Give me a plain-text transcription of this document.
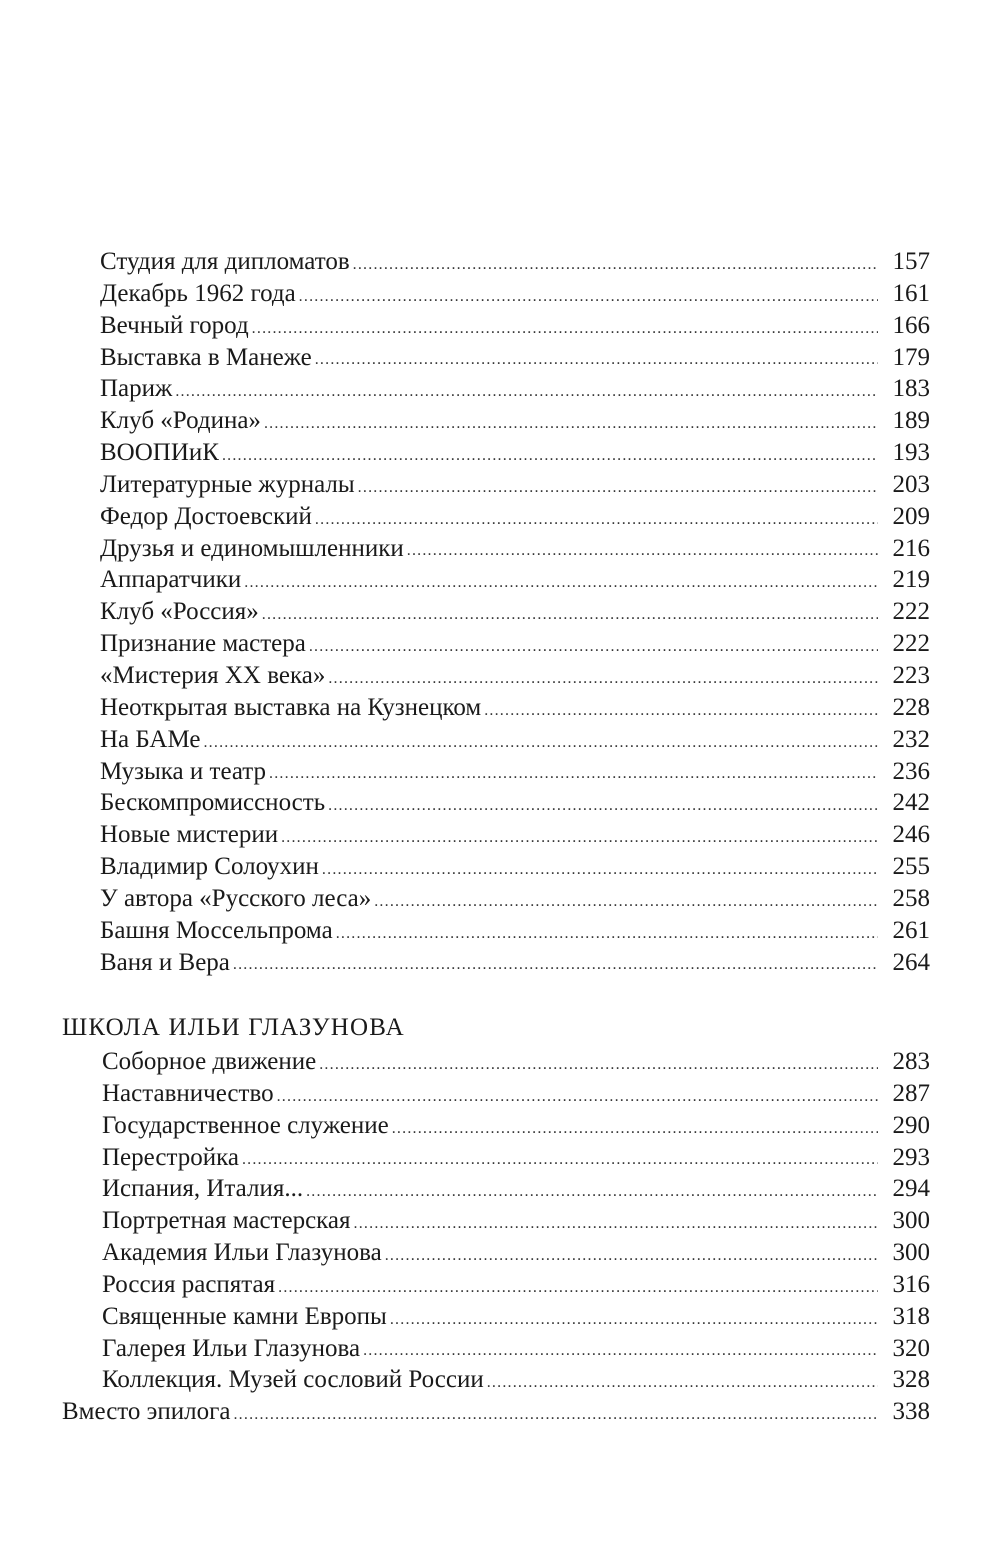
Студия для дипломатов . . .	157
Декабрь 1962 года . . .	161
Вечный город . . .	166
Выставка в Манеже . . .	179
Париж . . .	183
Клуб «Родина» . . .	189
ВООПИиК . . .	193
Литературные журналы . . .	203
Федор Достоевский . . .	209
Друзья и единомышленники . . .	216
Аппаратчики . . .	219
Клуб «Россия» . . .	222
Признание мастера . . .	222
«Мистерия XX века» . . .	223
Неоткрытая выставка на Кузнецком . . .	228
На БАМе . . .	232
Музыка и театр . . .	236
Бескомпромиссность . . .	242
Новые мистерии . . .	246
Владимир Солоухин . . .	255
У автора «Русского леса» . . .	258
Башня Моссельпрома . . .	261
Ваня и Вера . . .	264
ШКОЛА ИЛЬИ ГЛАЗУНОВА
Соборное движение . . .	283
Наставничество . . .	287
Государственное служение . . .	290
Перестройка . . .	293
Испания, Италия... . . .	294
Портретная мастерская . . .	300
Академия Ильи Глазунова . . .	300
Россия распятая . . .	316
Священные камни Европы . . .	318
Галерея Ильи Глазунова . . .	320
Коллекция. Музей сословий России . . .	328
Вместо эпилога . . .	338
